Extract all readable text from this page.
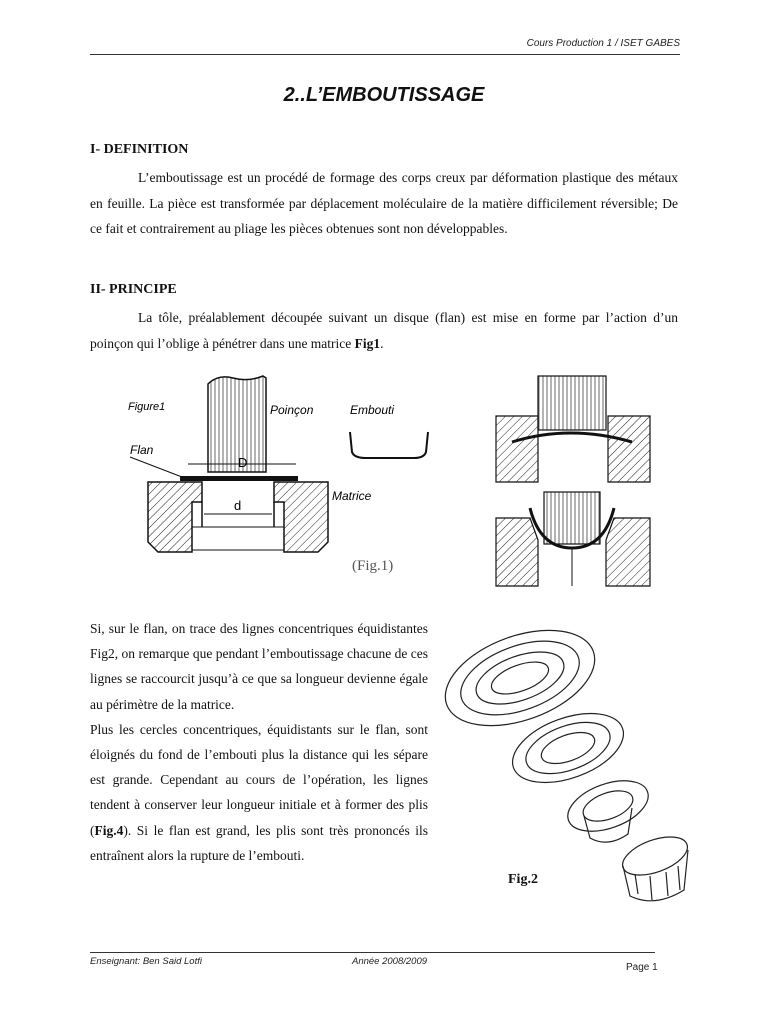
Cours Production 1 / ISET GABES
2..L’EMBOUTISSAGE
I- DEFINITION

L’emboutissage est un procédé de formage des corps creux par déformation plastique des métaux en feuille. La pièce est transformée par déplacement moléculaire de la matière difficilement réversible; De ce fait et contrairement au pliage les pièces obtenues sont non développables.

II- PRINCIPE

La tôle, préalablement découpée suivant un disque (flan) est mise en forme par l’action d’un poinçon qui l’oblige à pénétrer dans une matrice Fig1.

D
d
Figure1	Poinçon	Embouti
Flan
Matrice
(Fig.1)

Si, sur le flan, on trace des lignes concentriques équidistantes Fig2, on remarque que pendant l’emboutissage chacune de ces lignes se raccourcit jusqu’à ce que sa longueur devienne égale au périmètre de la matrice.

Plus les cercles concentriques, équidistants sur le flan, sont éloignés du fond de l’embouti plus la distance qui les sépare est grande. Cependant au cours de l’opération, les lignes tendent à conserver leur longueur initiale et à former des plis (Fig.4). Si le flan est grand, les plis sont très prononcés ils entraînent alors la rupture de l’embouti.

Fig.2
Enseignant: Ben Said Lotfi	Année 2008/2009
Page 1
